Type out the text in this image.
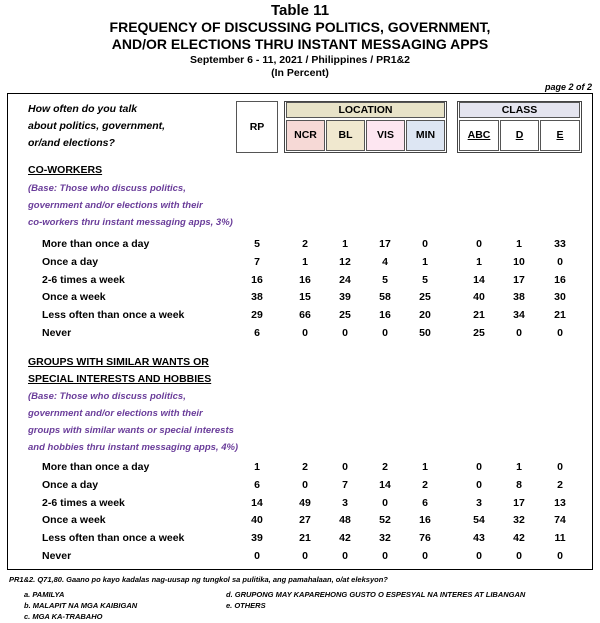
Table 11
FREQUENCY OF DISCUSSING POLITICS, GOVERNMENT,
AND/OR ELECTIONS THRU INSTANT MESSAGING APPS
September 6 - 11, 2021 / Philippines / PR1&2
(In Percent)
page 2 of 2
How often do you talk
about politics, government,
or/and elections?
RP
LOCATION
NCR	BL	VIS	MIN
CLASS
ABC	D	E
CO-WORKERS
(Base: Those who discuss politics,
government and/or elections with their
co-workers thru instant messaging apps, 3%)
More than once a day	5	2	1	17	0	0	1	33
Once a day	7	1	12	4	1	1	10	0
2-6 times a week	16	16	24	5	5	14	17	16
Once a week	38	15	39	58	25	40	38	30
Less often than once a week	29	66	25	16	20	21	34	21
Never	6	0	0	0	50	25	0	0
GROUPS WITH SIMILAR WANTS OR
SPECIAL INTERESTS AND HOBBIES
(Base: Those who discuss politics,
government and/or elections with their
groups with similar wants or special interests
and hobbies thru instant messaging apps, 4%)
More than once a day	1	2	0	2	1	0	1	0
Once a day	6	0	7	14	2	0	8	2
2-6 times a week	14	49	3	0	6	3	17	13
Once a week	40	27	48	52	16	54	32	74
Less often than once a week	39	21	42	32	76	43	42	11
Never	0	0	0	0	0	0	0	0
PR1&2. Q71,80. Gaano po kayo kadalas nag-uusap ng tungkol sa pulitika, ang pamahalaan, o/at eleksyon?
a. PAMILYA
b. MALAPIT NA MGA KAIBIGAN
c. MGA KA-TRABAHO
d. GRUPONG MAY KAPAREHONG GUSTO O ESPESYAL NA INTERES AT LIBANGAN
e. OTHERS
